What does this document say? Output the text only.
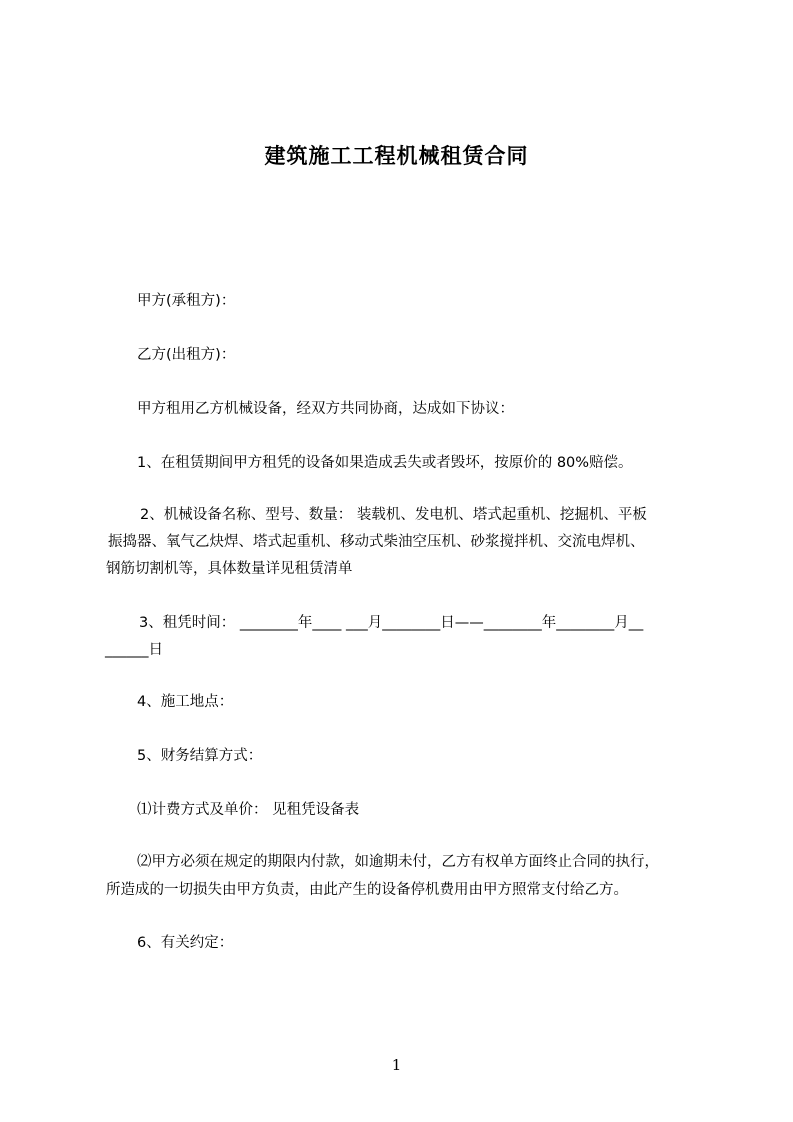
建筑施工工程机械租赁合同
甲方(承租方)：
乙方(出租方)：
甲方租用乙方机械设备，经双方共同协商，达成如下协议：
1、在租赁期间甲方租凭的设备如果造成丢失或者毁坏，按原价的 80%赔偿。
2、机械设备名称、型号、数量： 装载机、发电机、塔式起重机、挖掘机、平板
振捣器、氧气乙炔焊、塔式起重机、移动式柴油空压机、砂浆搅拌机、交流电焊机、
钢筋切割机等，具体数量详见租赁清单
3、租凭时间： ________年____ ___月________日——________年________月__
______日
4、施工地点：
5、财务结算方式：
⑴计费方式及单价： 见租凭设备表
⑵甲方必须在规定的期限内付款，如逾期未付，乙方有权单方面终止合同的执行，
所造成的一切损失由甲方负责，由此产生的设备停机费用由甲方照常支付给乙方。
6、有关约定：
1
